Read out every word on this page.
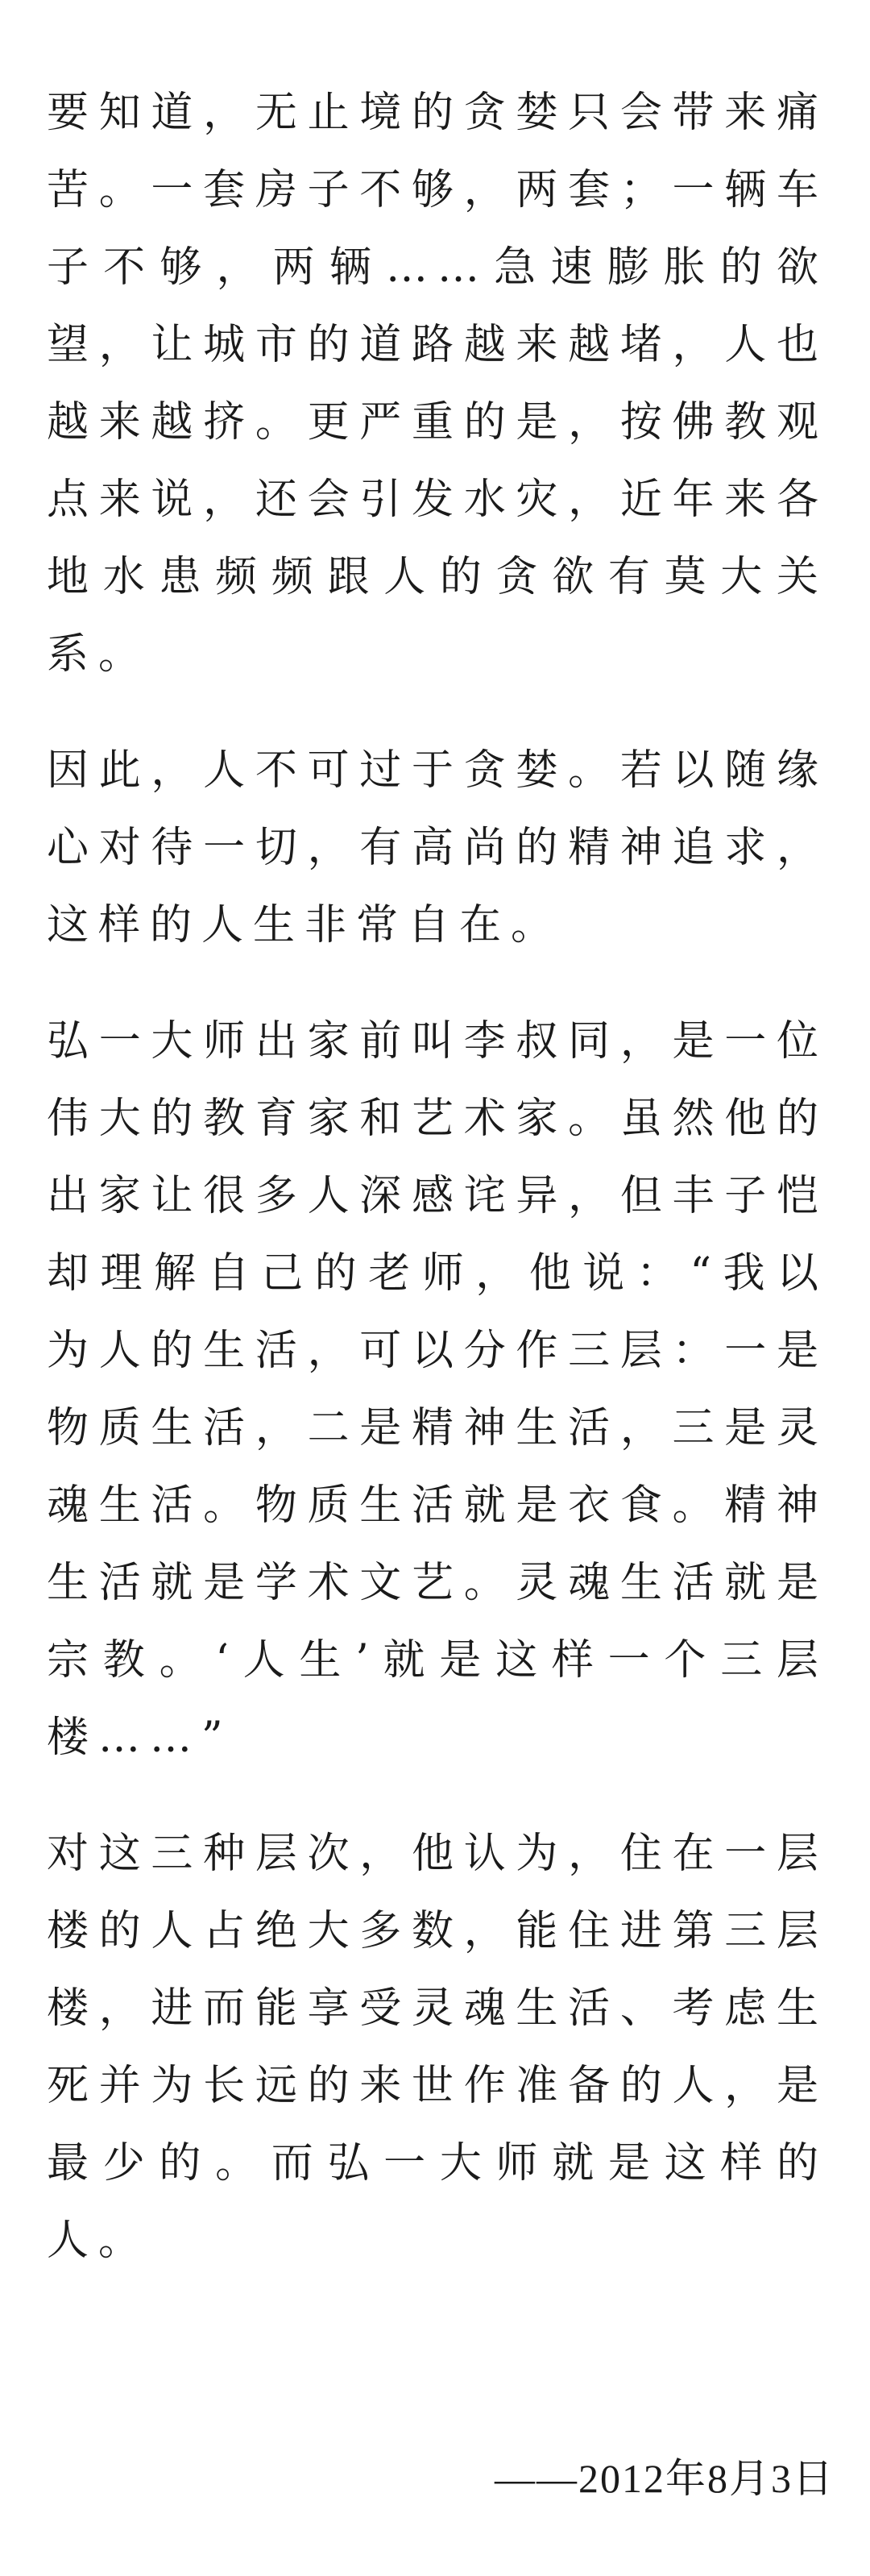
要知道，无止境的贪婪只会带来痛苦。一套房子不够，两套；一辆车子不够，两辆……急速膨胀的欲望，让城市的道路越来越堵，人也越来越挤。更严重的是，按佛教观点来说，还会引发水灾，近年来各地水患频频跟人的贪欲有莫大关系。

因此，人不可过于贪婪。若以随缘心对待一切，有高尚的精神追求，这样的人生非常自在。

弘一大师出家前叫李叔同，是一位伟大的教育家和艺术家。虽然他的出家让很多人深感诧异，但丰子恺却理解自己的老师，他说：“我以为人的生活，可以分作三层：一是物质生活，二是精神生活，三是灵魂生活。物质生活就是衣食。精神生活就是学术文艺。灵魂生活就是宗教。‘人生’就是这样一个三层楼……”

对这三种层次，他认为，住在一层楼的人占绝大多数，能住进第三层楼，进而能享受灵魂生活、考虑生死并为长远的来世作准备的人，是最少的。而弘一大师就是这样的人。

——2012年8月3日
